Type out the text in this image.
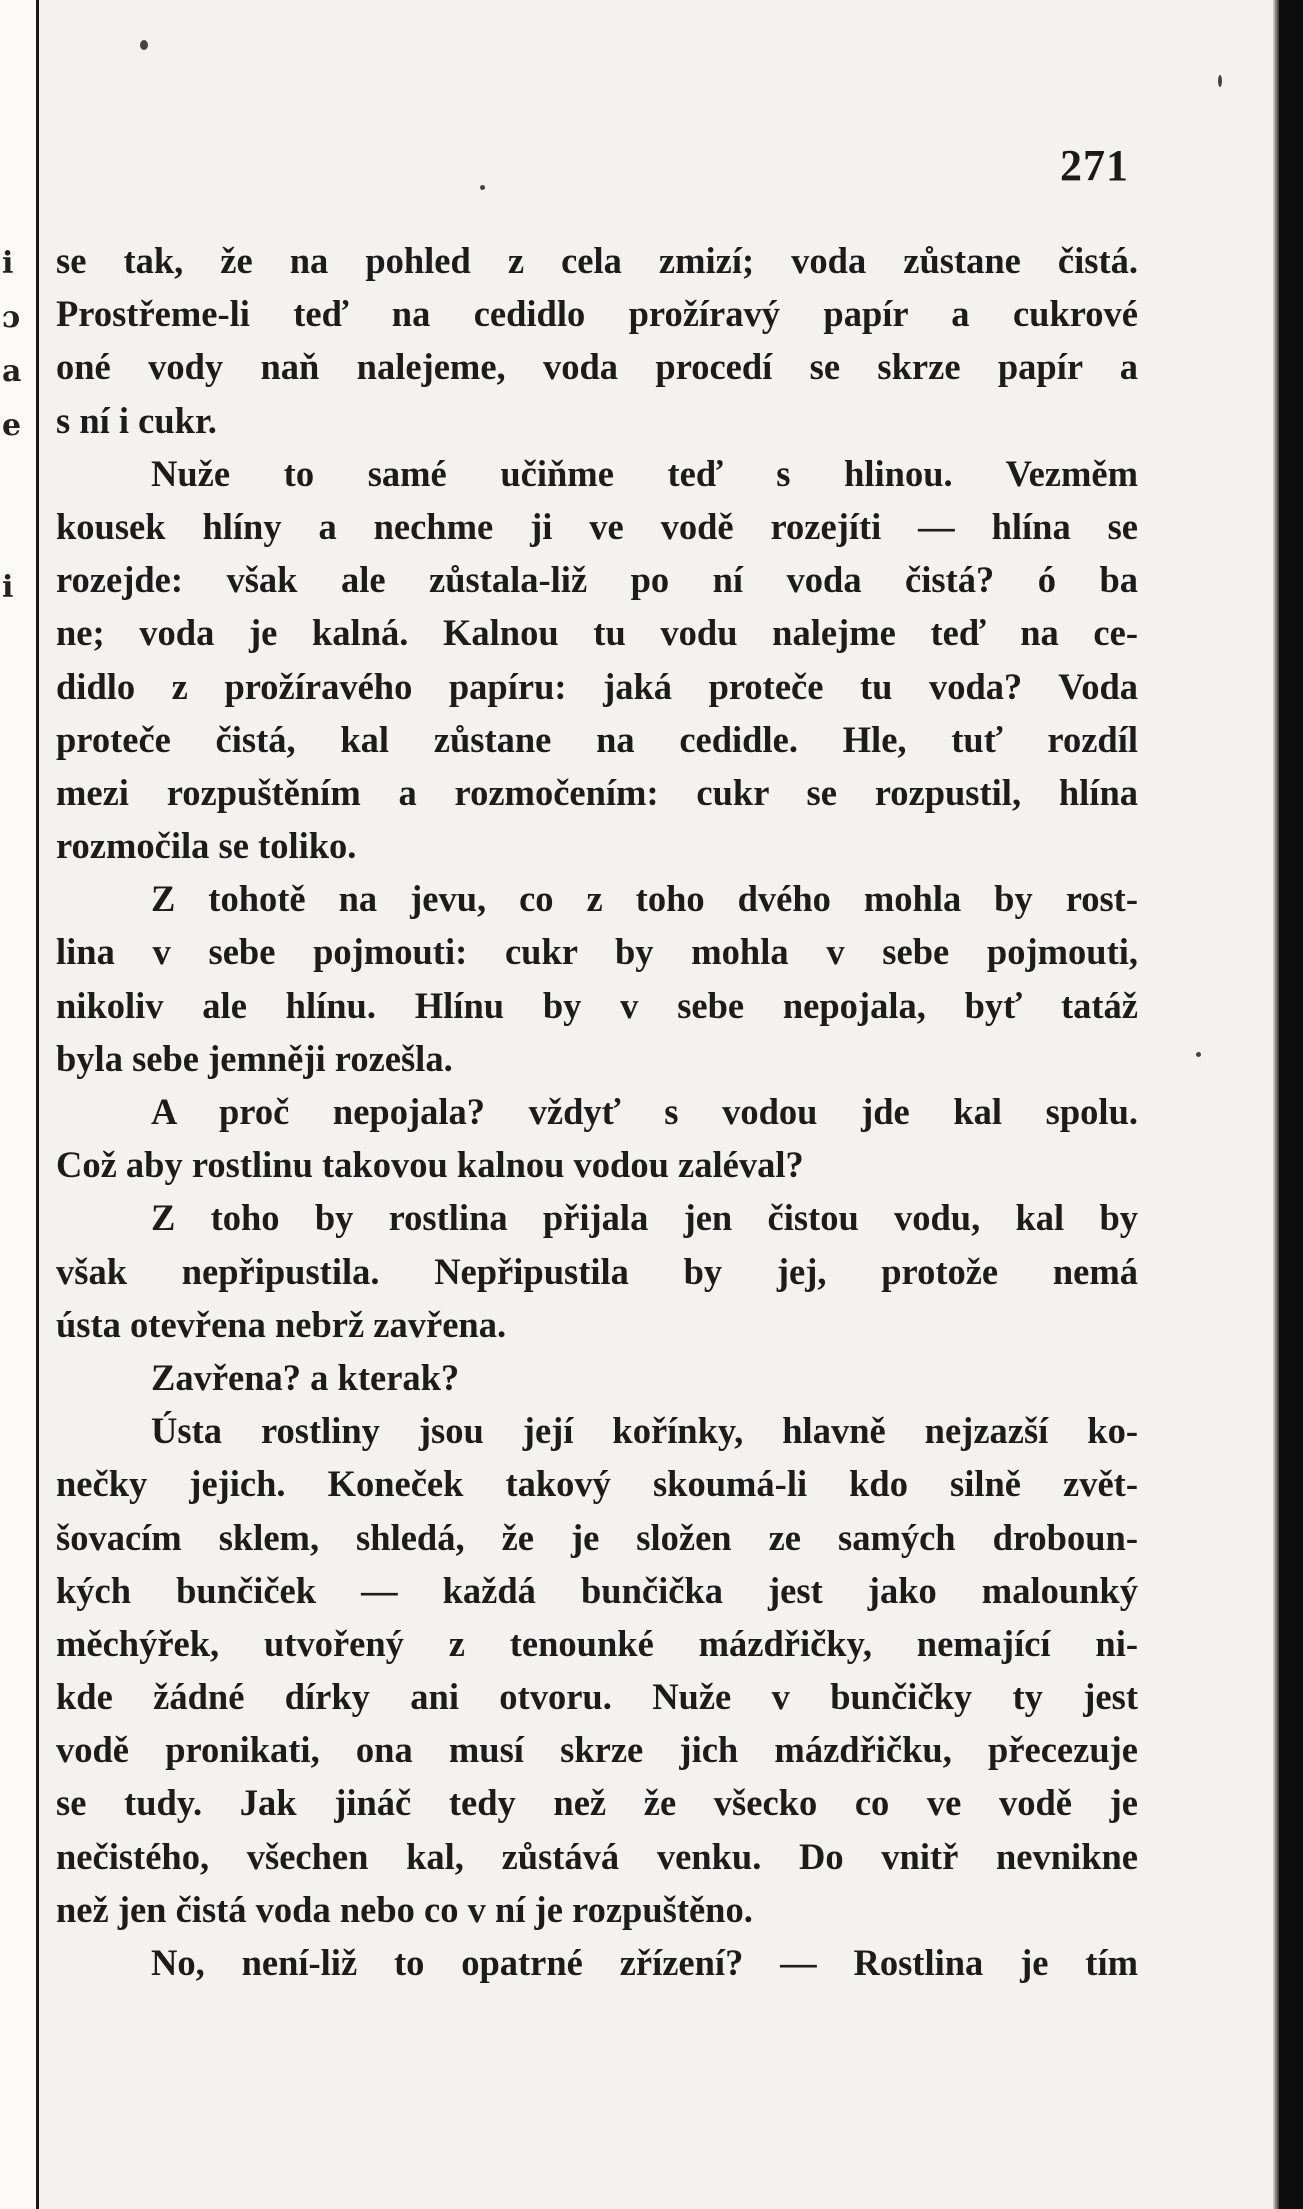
i
ɔ
a
e
i
271
se tak, že na pohled z cela zmizí; voda zůstane čistá.
Prostřeme-li teď na cedidlo prožíravý papír a cukrové
oné vody naň nalejeme, voda procedí se skrze papír a
s ní i cukr.
Nuže to samé učiňme teď s hlinou. Vezměm
kousek hlíny a nechme ji ve vodě rozejíti — hlína se
rozejde: však ale zůstala-liž po ní voda čistá? ó ba
ne; voda je kalná. Kalnou tu vodu nalejme teď na ce-
didlo z prožíravého papíru: jaká proteče tu voda? Voda
proteče čistá, kal zůstane na cedidle. Hle, tuť rozdíl
mezi rozpuštěním a rozmočením: cukr se rozpustil, hlína
rozmočila se toliko.
Z tohotě na jevu, co z toho dvého mohla by rost-
lina v sebe pojmouti: cukr by mohla v sebe pojmouti,
nikoliv ale hlínu. Hlínu by v sebe nepojala, byť tatáž
byla sebe jemněji rozešla.
A proč nepojala? vždyť s vodou jde kal spolu.
Což aby rostlinu takovou kalnou vodou zaléval?
Z toho by rostlina přijala jen čistou vodu, kal by
však nepřipustila. Nepřipustila by jej, protože nemá
ústa otevřena nebrž zavřena.
Zavřena? a kterak?
Ústa rostliny jsou její kořínky, hlavně nejzazší ko-
nečky jejich. Koneček takový skoumá-li kdo silně zvět-
šovacím sklem, shledá, že je složen ze samých droboun-
kých bunčiček — každá bunčička jest jako malounký
měchýřek, utvořený z tenounké mázdřičky, nemající ni-
kde žádné dírky ani otvoru. Nuže v bunčičky ty jest
vodě pronikati, ona musí skrze jich mázdřičku, přecezuje
se tudy. Jak jináč tedy než že všecko co ve vodě je
nečistého, všechen kal, zůstává venku. Do vnitř nevnikne
než jen čistá voda nebo co v ní je rozpuštěno.
No, není-liž to opatrné zřízení? — Rostlina je tím
